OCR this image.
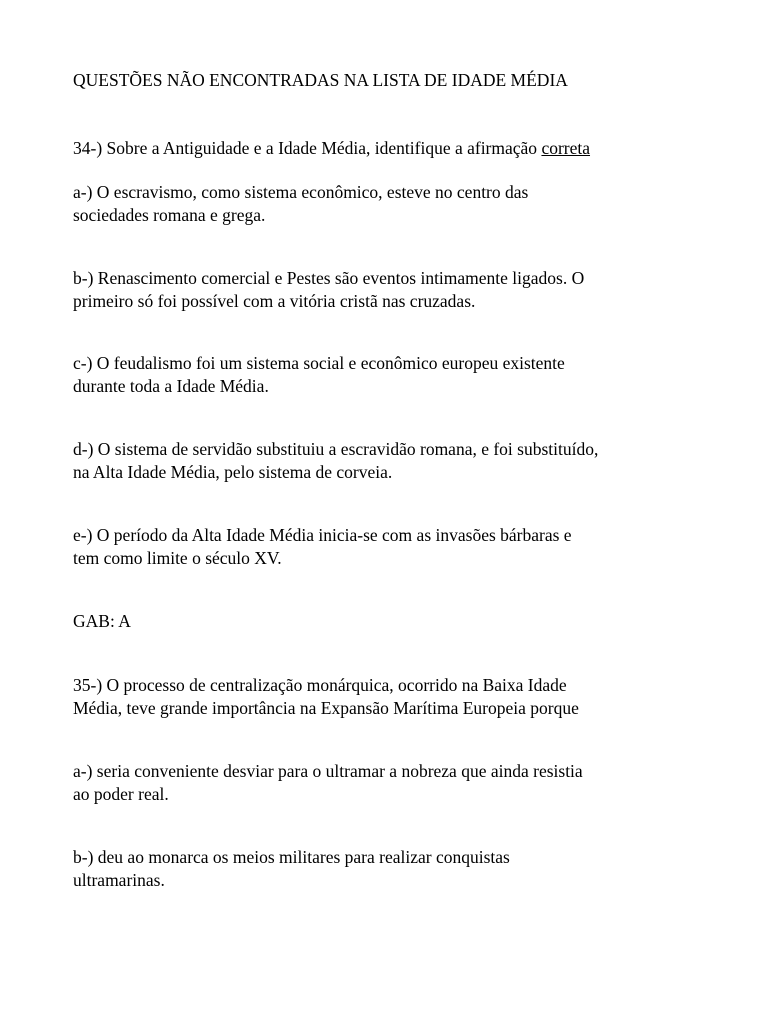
QUESTÕES NÃO ENCONTRADAS NA LISTA DE IDADE MÉDIA
34-) Sobre a Antiguidade e a Idade Média, identifique a afirmação correta
a-) O escravismo, como sistema econômico, esteve no centro das
sociedades romana e grega.
b-) Renascimento comercial e Pestes são eventos intimamente ligados. O
primeiro só foi possível com a vitória cristã nas cruzadas.
c-) O feudalismo foi um sistema social e econômico europeu existente
durante toda a Idade Média.
d-) O sistema de servidão substituiu a escravidão romana, e foi substituído,
na Alta Idade Média, pelo sistema de corveia.
e-) O período da Alta Idade Média inicia-se com as invasões bárbaras e
tem como limite o século XV.
GAB: A
35-) O processo de centralização monárquica, ocorrido na Baixa Idade
Média, teve grande importância na Expansão Marítima Europeia porque
a-) seria conveniente desviar para o ultramar a nobreza que ainda resistia
ao poder real.
b-) deu ao monarca os meios militares para realizar conquistas
ultramarinas.
